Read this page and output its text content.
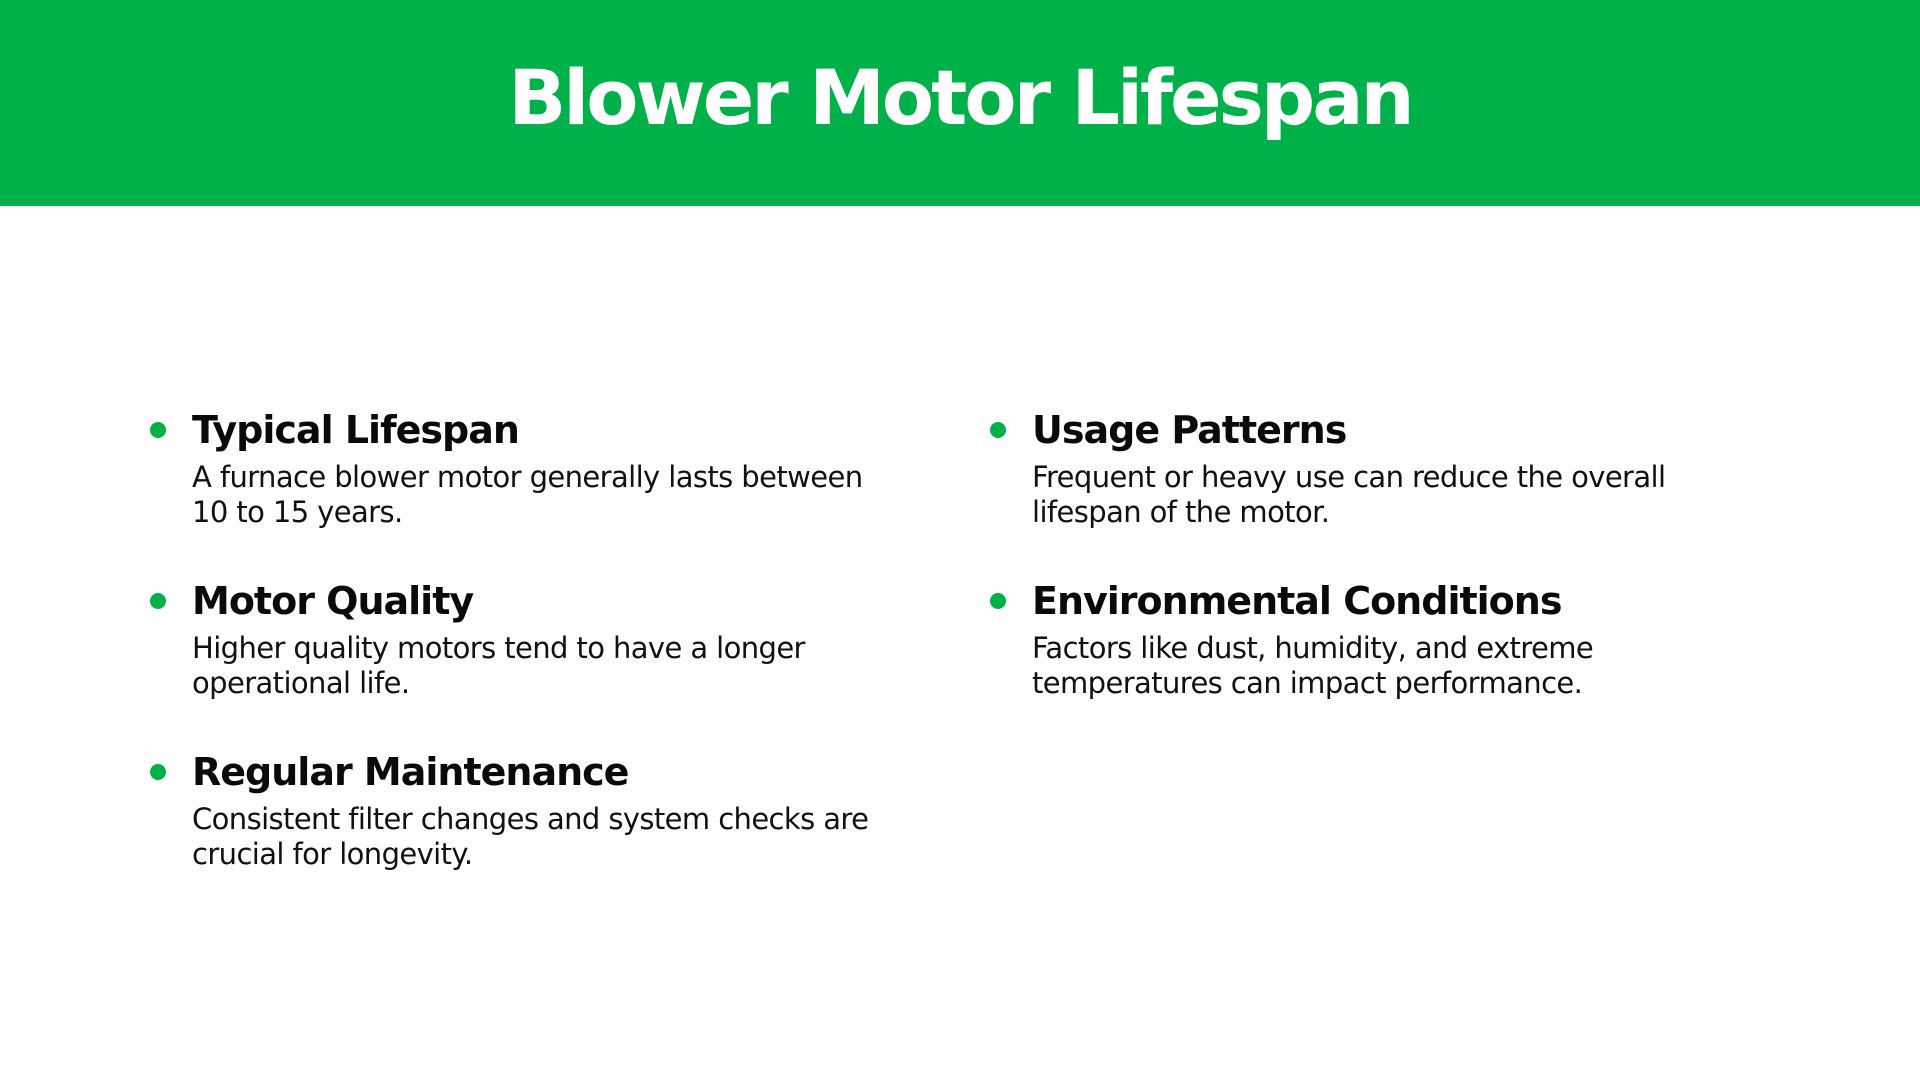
Blower Motor Lifespan
Typical Lifespan

A furnace blower motor generally lasts between
10 to 15 years.

Motor Quality

Higher quality motors tend to have a longer
operational life.

Regular Maintenance

Consistent filter changes and system checks are
crucial for longevity.

Usage Patterns

Frequent or heavy use can reduce the overall
lifespan of the motor.

Environmental Conditions

Factors like dust, humidity, and extreme
temperatures can impact performance.
